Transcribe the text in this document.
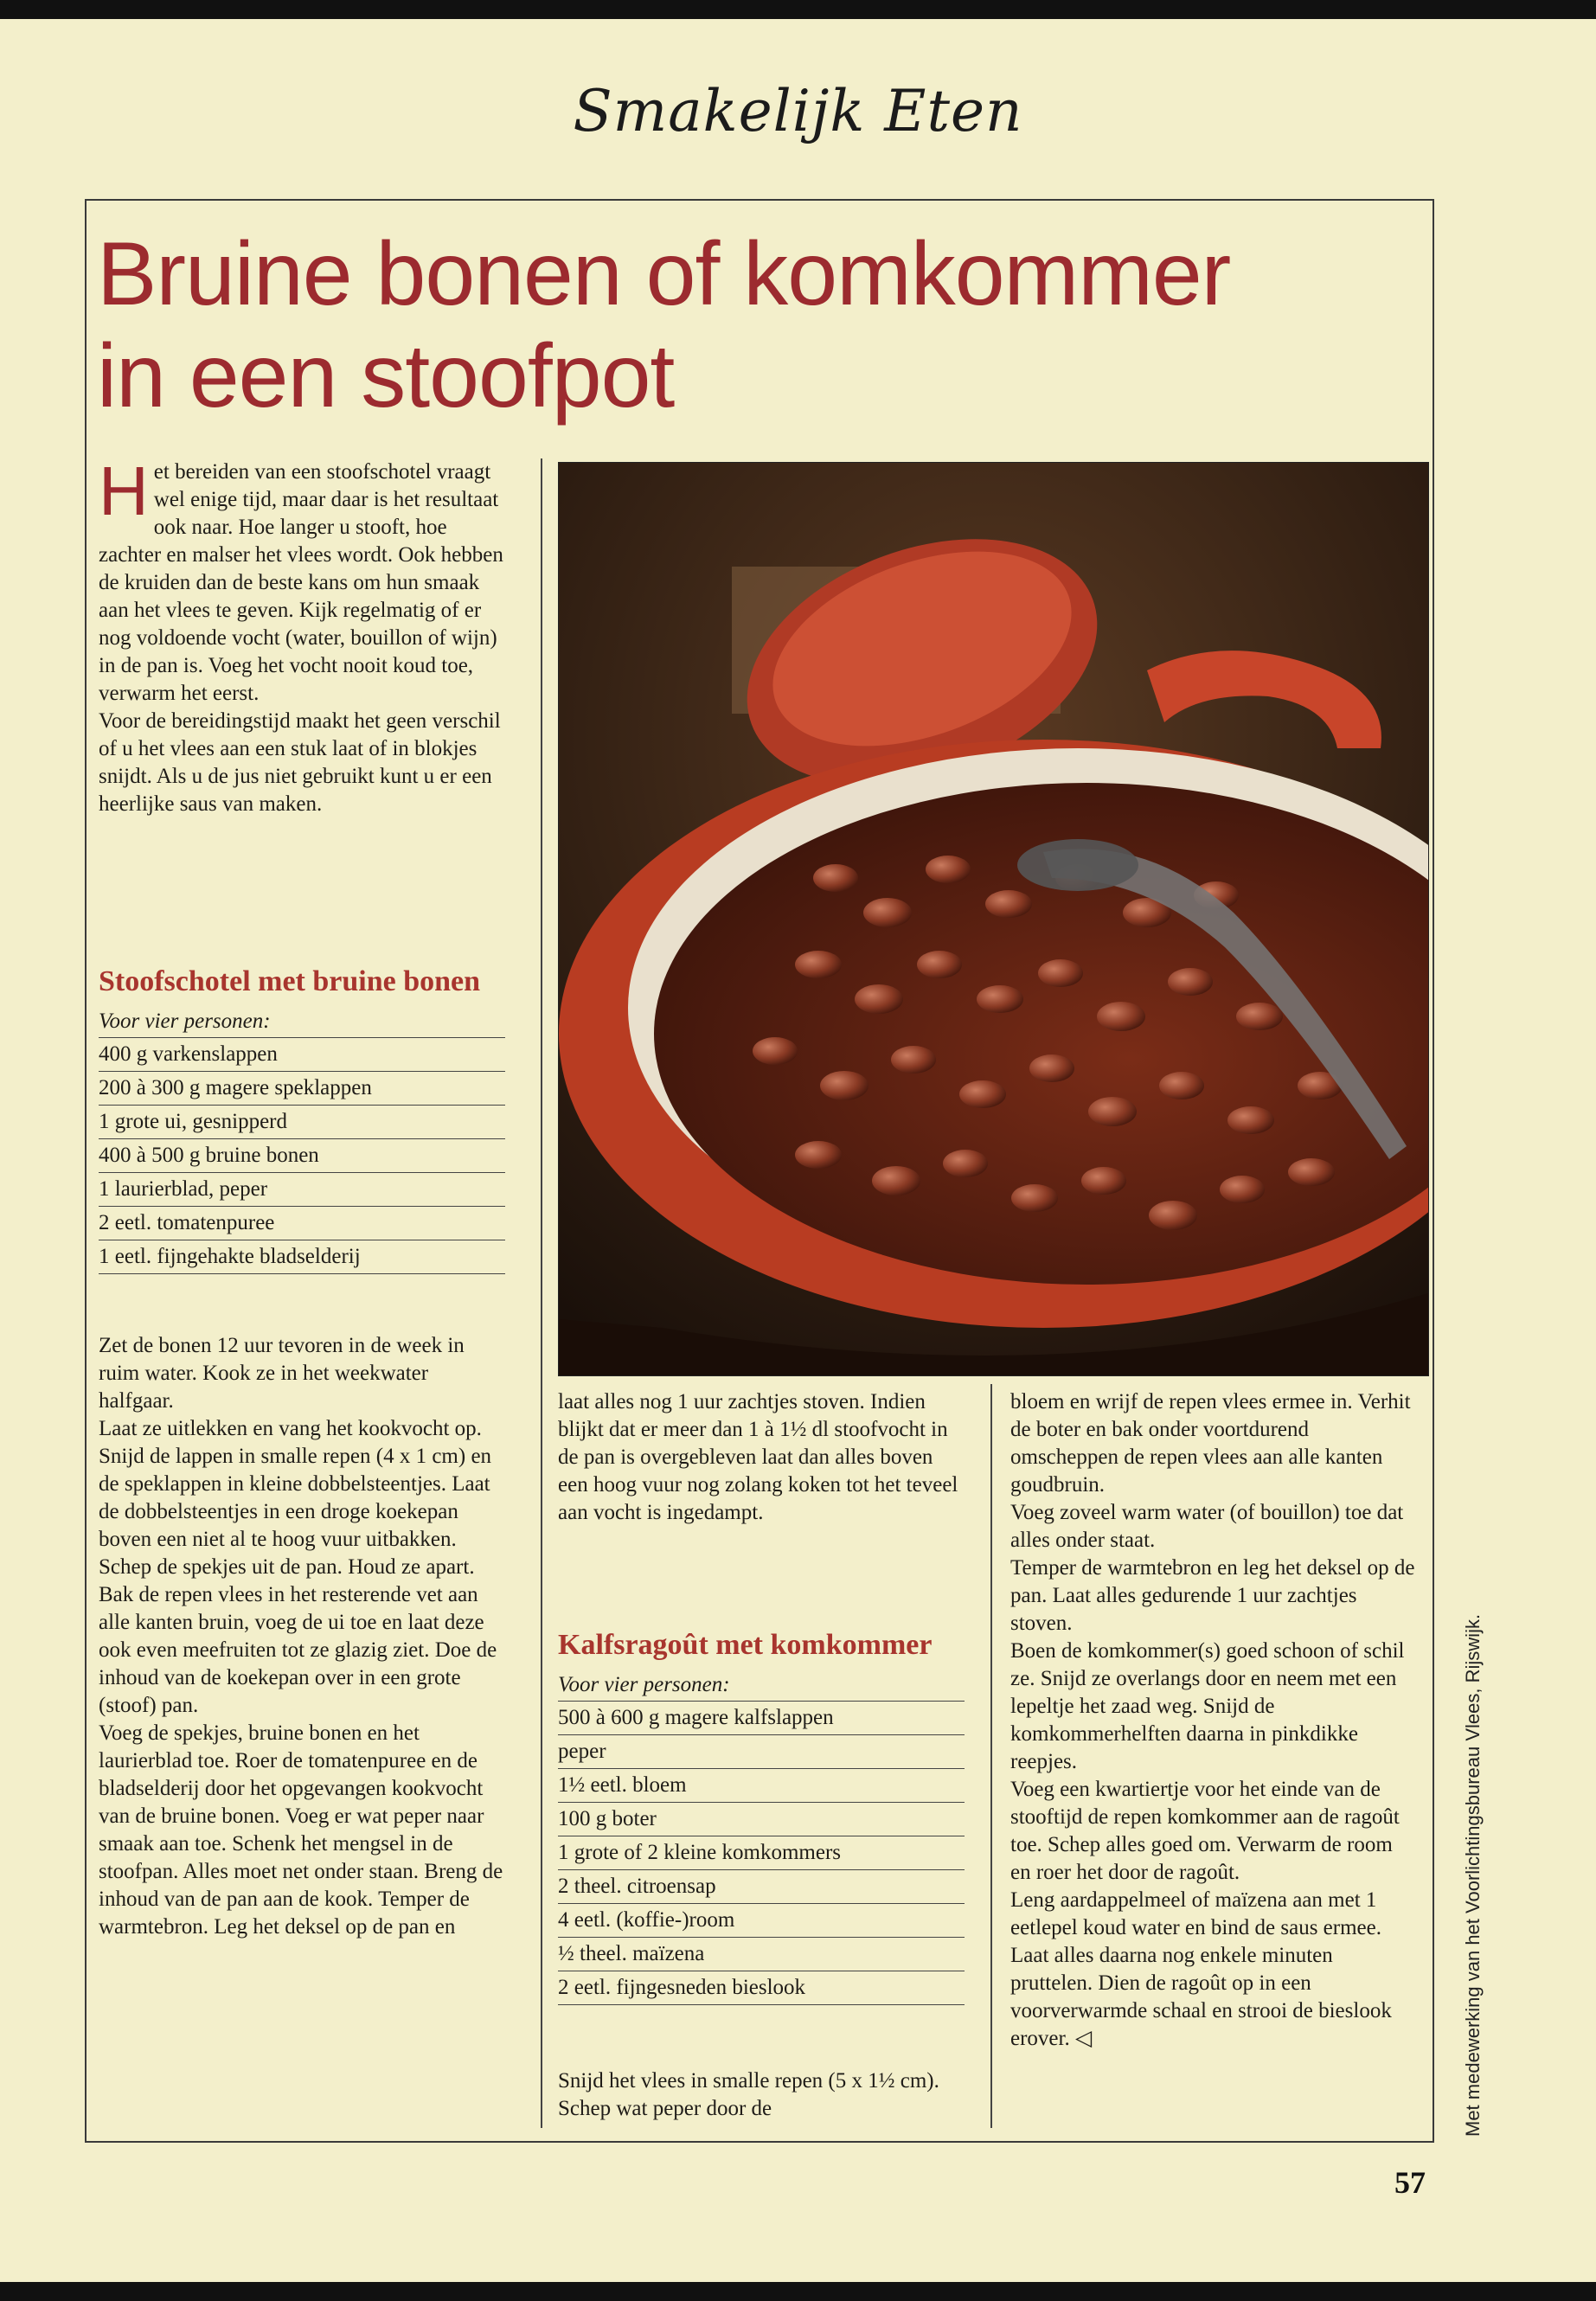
Smakelijk Eten
Bruine bonen of komkommer
in een stoofpot

Het bereiden van een stoofschotel vraagt wel enige tijd, maar daar is het resultaat ook naar. Hoe langer u stooft, hoe zachter en malser het vlees wordt. Ook hebben de kruiden dan de beste kans om hun smaak aan het vlees te geven. Kijk regelmatig of er nog voldoende vocht (water, bouillon of wijn) in de pan is. Voeg het vocht nooit koud toe, verwarm het eerst.

Voor de bereidingstijd maakt het geen verschil of u het vlees aan een stuk laat of in blokjes snijdt. Als u de jus niet gebruikt kunt u er een heerlijke saus van maken.

Stoofschotel met bruine bonen
Voor vier personen:
400 g varkenslappen
200 à 300 g magere speklappen
1 grote ui, gesnipperd
400 à 500 g bruine bonen
1 laurierblad, peper
2 eetl. tomatenpuree
1 eetl. fijngehakte bladselderij

Zet de bonen 12 uur tevoren in de week in ruim water. Kook ze in het weekwater halfgaar.

Laat ze uitlekken en vang het kookvocht op.

Snijd de lappen in smalle repen (4 x 1 cm) en de speklappen in kleine dobbelsteentjes. Laat de dobbelsteentjes in een droge koekepan boven een niet al te hoog vuur uitbakken. Schep de spekjes uit de pan. Houd ze apart.

Bak de repen vlees in het resterende vet aan alle kanten bruin, voeg de ui toe en laat deze ook even meefruiten tot ze glazig ziet. Doe de inhoud van de koekepan over in een grote (stoof) pan.

Voeg de spekjes, bruine bonen en het laurierblad toe. Roer de tomatenpuree en de bladselderij door het opgevangen kookvocht van de bruine bonen. Voeg er wat peper naar smaak aan toe. Schenk het mengsel in de stoofpan. Alles moet net onder staan. Breng de inhoud van de pan aan de kook. Temper de warmtebron. Leg het deksel op de pan en

laat alles nog 1 uur zachtjes stoven. Indien blijkt dat er meer dan 1 à 1½ dl stoofvocht in de pan is overgebleven laat dan alles boven een hoog vuur nog zolang koken tot het teveel aan vocht is ingedampt.

Kalfsragoût met komkommer
Voor vier personen:
500 à 600 g magere kalfslappen
peper
1½ eetl. bloem
100 g boter
1 grote of 2 kleine komkommers
2 theel. citroensap
4 eetl. (koffie-)room
½ theel. maïzena
2 eetl. fijngesneden bieslook

Snijd het vlees in smalle repen (5 x 1½ cm). Schep wat peper door de

bloem en wrijf de repen vlees ermee in. Verhit de boter en bak onder voortdurend omscheppen de repen vlees aan alle kanten goudbruin.

Voeg zoveel warm water (of bouillon) toe dat alles onder staat.

Temper de warmtebron en leg het deksel op de pan. Laat alles gedurende 1 uur zachtjes stoven.

Boen de komkommer(s) goed schoon of schil ze. Snijd ze overlangs door en neem met een lepeltje het zaad weg. Snijd de komkommerhelften daarna in pinkdikke reepjes.

Voeg een kwartiertje voor het einde van de stooftijd de repen komkommer aan de ragoût toe. Schep alles goed om. Verwarm de room en roer het door de ragoût.

Leng aardappelmeel of maïzena aan met 1 eetlepel koud water en bind de saus ermee.

Laat alles daarna nog enkele minuten pruttelen. Dien de ragoût op in een voorverwarmde schaal en strooi de bieslook erover. ◁	Met medewerking van het Voorlichtingsbureau Vlees, Rijswijk.
57
